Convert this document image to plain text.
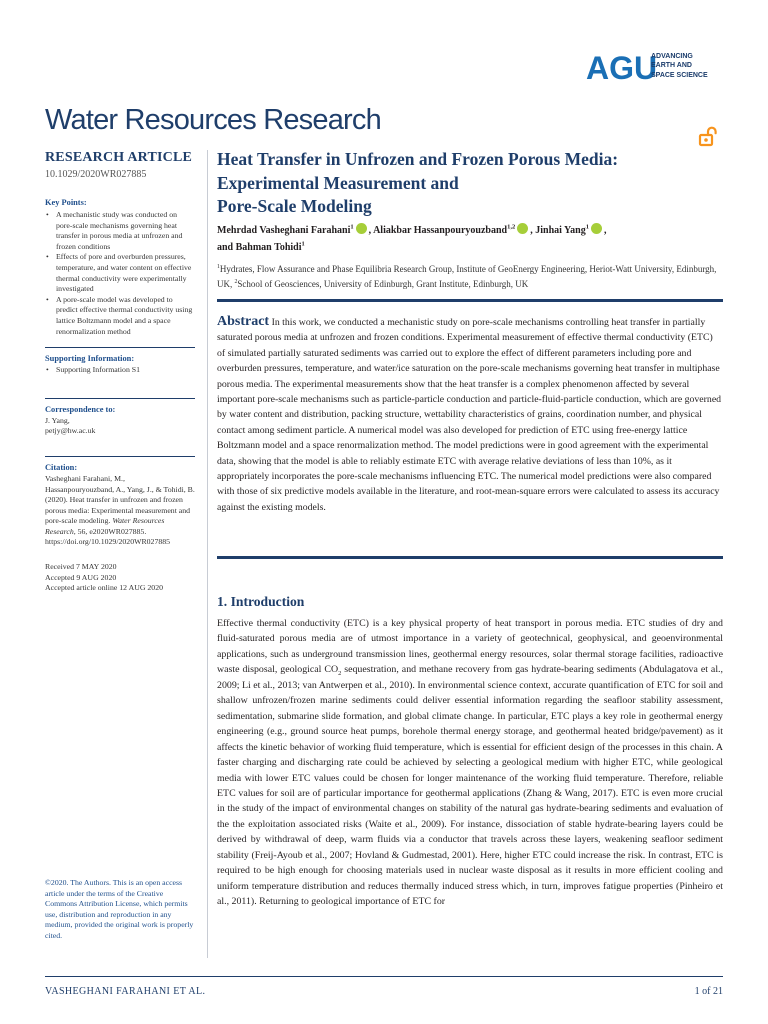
AGU
ADVANCING
EARTH AND
SPACE SCIENCE
Water Resources Research
RESEARCH ARTICLE
10.1029/2020WR027885
Key Points:
• A mechanistic study was conducted on pore-scale mechanisms governing heat transfer in porous media at unfrozen and frozen conditions
• Effects of pore and overburden pressures, temperature, and water content on effective thermal conductivity were experimentally investigated
• A pore-scale model was developed to predict effective thermal conductivity using lattice Boltzmann model and a space renormalization method
Supporting Information:
• Supporting Information S1
Correspondence to:
J. Yang,
petjy@hw.ac.uk
Citation:
Vasheghani Farahani, M., Hassanpouryouzband, A., Yang, J., & Tohidi, B. (2020). Heat transfer in unfrozen and frozen porous media: Experimental measurement and pore-scale modeling. Water Resources Research, 56, e2020WR027885. https://doi.org/10.1029/2020WR027885
Received 7 MAY 2020
Accepted 9 AUG 2020
Accepted article online 12 AUG 2020
©2020. The Authors. This is an open access article under the terms of the Creative Commons Attribution License, which permits use, distribution and reproduction in any medium, provided the original work is properly cited.
Heat Transfer in Unfrozen and Frozen Porous Media:
Experimental Measurement and
Pore-Scale Modeling
Mehrdad Vasheghani Farahani$^1$ , Aliakbar Hassanpouryouzband$^{1,2}$ , Jinhai Yang$^1$ ,
and Bahman Tohidi$^1$
$^1$Hydrates, Flow Assurance and Phase Equilibria Research Group, Institute of GeoEnergy Engineering, Heriot-Watt University, Edinburgh, UK, $^2$School of Geosciences, University of Edinburgh, Grant Institute, Edinburgh, UK
Abstract In this work, we conducted a mechanistic study on pore-scale mechanisms controlling heat transfer in partially saturated porous media at unfrozen and frozen conditions. Experimental measurement of effective thermal conductivity (ETC) of simulated partially saturated sediments was carried out to explore the effect of different parameters including pore and overburden pressures, temperature, and water/ice saturation on the pore-scale mechanisms governing heat transfer in multiphase porous media. The experimental measurements show that the heat transfer is a complex phenomenon affected by several important pore-scale mechanisms such as particle-particle conduction and particle-fluid-particle conduction, which are governed by water content and distribution, packing structure, wettability characteristics of grains, coordination number, and physical contact among sediment particle. A numerical model was also developed for prediction of ETC using free-energy lattice Boltzmann model and a space renormalization method. The model predictions were in good agreement with the experimental data, showing that the model is able to reliably estimate ETC with average relative deviations of less than 10%, as it appropriately incorporates the pore-scale mechanisms influencing ETC. The numerical model predictions were also compared with those of six predictive models available in the literature, and root-mean-square errors were calculated to assess its accuracy against the existing models.
1. Introduction
Effective thermal conductivity (ETC) is a key physical property of heat transport in porous media. ETC studies of dry and fluid-saturated porous media are of utmost importance in a variety of geotechnical, geophysical, and geoenvironmental applications, such as underground transmission lines, geothermal energy resources, solar thermal storage facilities, radioactive waste disposal, geological $CO_2$ sequestration, and methane recovery from gas hydrate-bearing sediments (Abdulagatova et al., 2009; Li et al., 2013; van Antwerpen et al., 2010). In environmental science context, accurate quantification of ETC for soil and shallow unfrozen/frozen marine sediments could deliver essential information regarding the seafloor stability assessment, sedimentation, submarine slide formation, and global climate change. In particular, ETC plays a key role in geothermal energy engineering (e.g., ground source heat pumps, borehole thermal energy storage, and geothermal heated bridge/pavement) as it affects the kinetic behavior of working fluid temperature, which is essential for efficient design of the processes in this chain. A faster charging and discharging rate could be achieved by selecting a geological medium with higher ETC, while geological media with lower ETC values could be chosen for longer maintenance of the working fluid temperature. Therefore, reliable ETC values for soil are of particular importance for geothermal applications (Zhang & Wang, 2017). ETC is even more crucial in the study of the impact of environmental changes on stability of the natural gas hydrate-bearing sediments and evaluation of the the exploitation associated risks (Waite et al., 2009). For instance, dissociation of stable hydrate-bearing layers could be derived by withdrawal of deep, warm fluids via a conductor that travels across these layers, weakening seafloor sediment stability (Freij-Ayoub et al., 2007; Hovland & Gudmestad, 2001). Here, higher ETC could increase the risk. In contrast, ETC is required to be high enough for choosing materials used in nuclear waste disposal as it results in more efficient cooling and uniform temperature distribution and reduces thermally induced stress which, in turn, improves fatigue properties (Pinheiro et al., 2011). Returning to geological importance of ETC for
VASHEGHANI FARAHANI ET AL.	1 of 21
